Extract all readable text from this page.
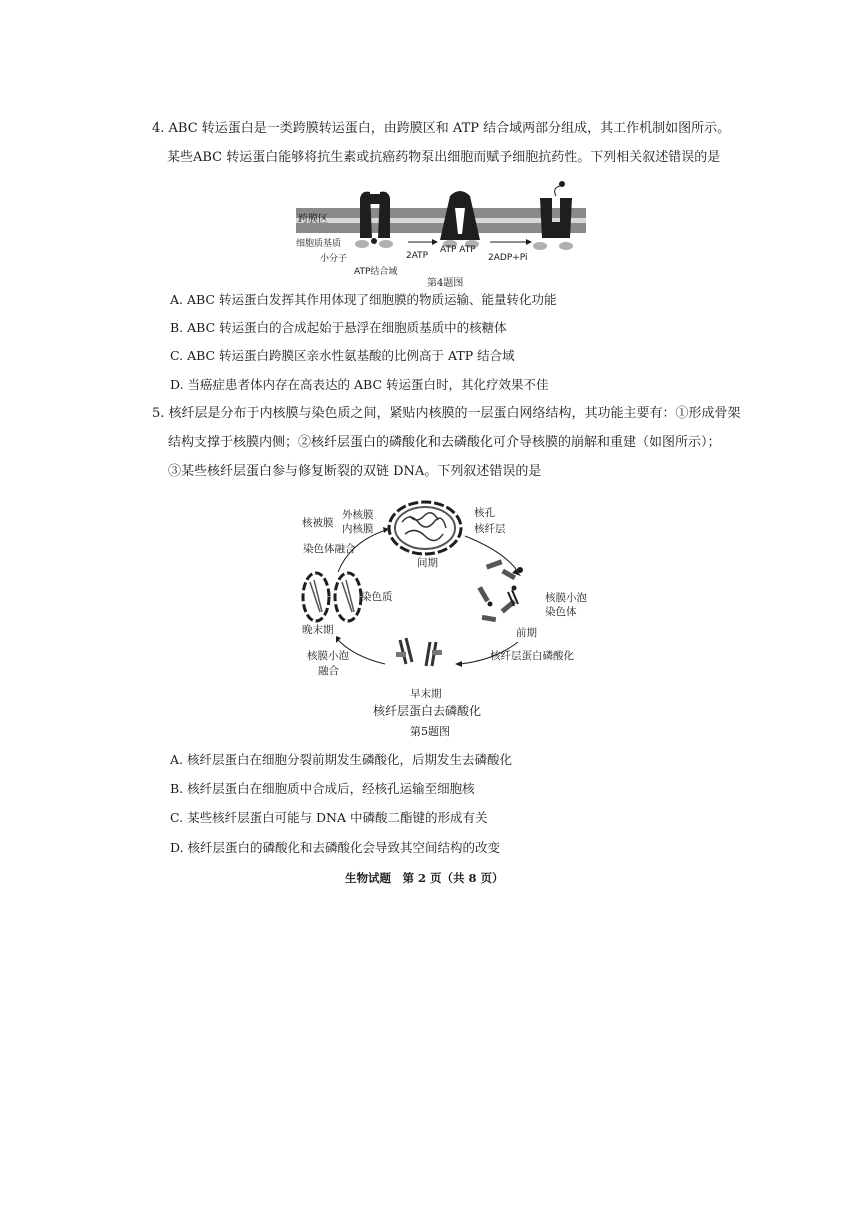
4. ABC 转运蛋白是一类跨膜转运蛋白，由跨膜区和 ATP 结合域两部分组成，其工作机制如图所示。
某些ABC 转运蛋白能够将抗生素或抗癌药物泵出细胞而赋予细胞抗药性。下列相关叙述错误的是
跨膜区
细胞质基质
小分子
ATP结合域
2ATP
ATP ATP
2ADP+Pi
第4题图
A. ABC 转运蛋白发挥其作用体现了细胞膜的物质运输、能量转化功能
B. ABC 转运蛋白的合成起始于悬浮在细胞质基质中的核糖体
C. ABC 转运蛋白跨膜区亲水性氨基酸的比例高于 ATP 结合域
D. 当癌症患者体内存在高表达的 ABC 转运蛋白时，其化疗效果不佳
5. 核纤层是分布于内核膜与染色质之间，紧贴内核膜的一层蛋白网络结构，其功能主要有：①形成骨架
结构支撑于核膜内侧；②核纤层蛋白的磷酸化和去磷酸化可介导核膜的崩解和重建（如图所示）；
③某些核纤层蛋白参与修复断裂的双链 DNA。下列叙述错误的是
核被膜
外核膜
内核膜
核孔
核纤层
间期
染色体融合
染色质
晚末期
核膜小泡
染色体
前期
核膜小泡
融合
核纤层蛋白磷酸化
早末期
核纤层蛋白去磷酸化
第5题图
A. 核纤层蛋白在细胞分裂前期发生磷酸化，后期发生去磷酸化
B. 核纤层蛋白在细胞质中合成后，经核孔运输至细胞核
C. 某些核纤层蛋白可能与 DNA 中磷酸二酯键的形成有关
D. 核纤层蛋白的磷酸化和去磷酸化会导致其空间结构的改变
生物试题　第 2 页（共 8 页）
